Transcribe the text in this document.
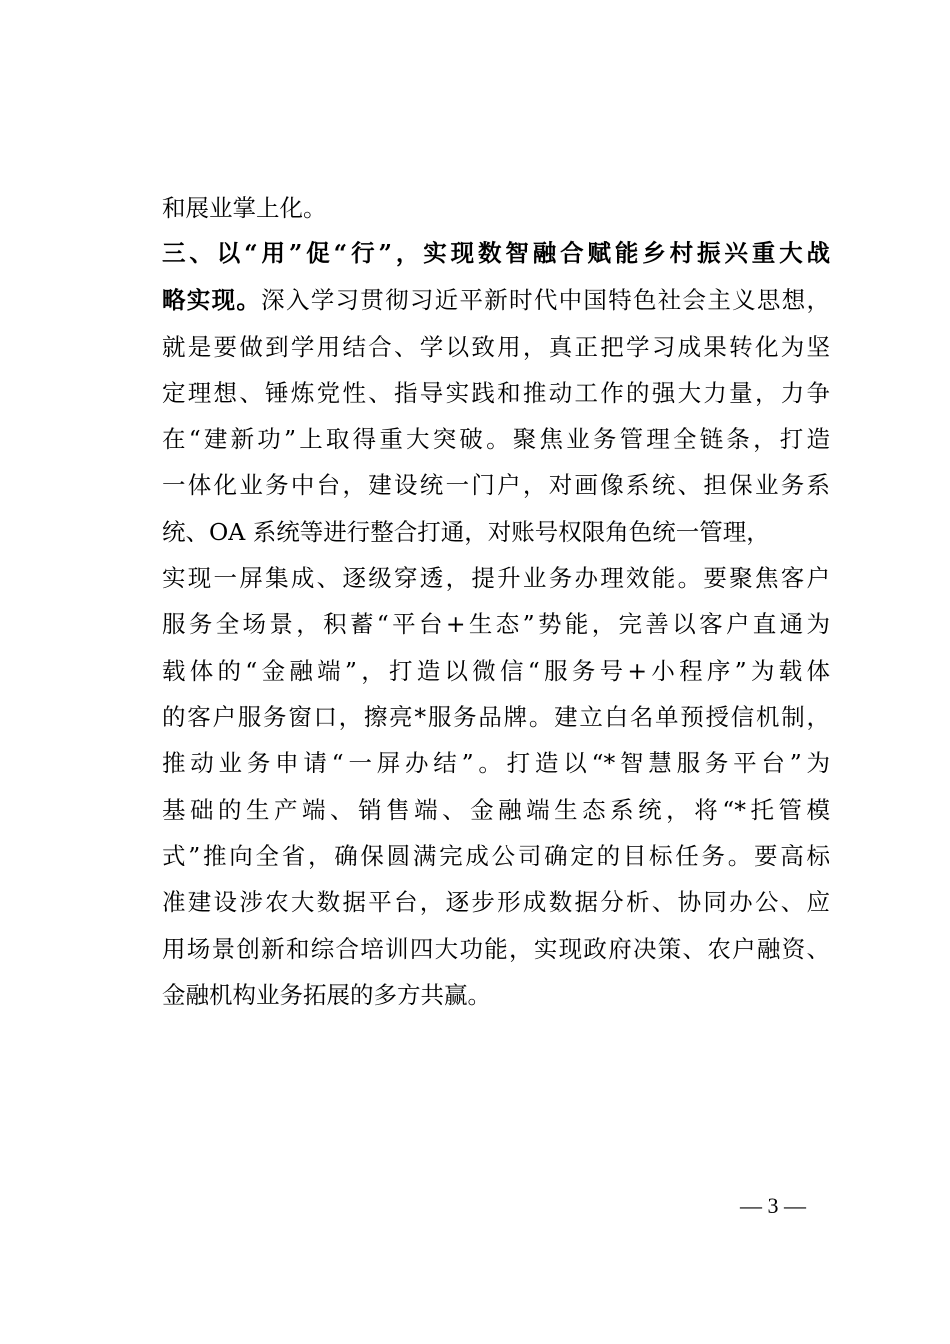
和展业掌上化。

三、以“用”促“行”，实现数智融合赋能乡村振兴重大战

略实现。深入学习贯彻习近平新时代中国特色社会主义思想，

就是要做到学用结合、学以致用，真正把学习成果转化为坚

定理想、锤炼党性、指导实践和推动工作的强大力量，力争

在“建新功”上取得重大突破。聚焦业务管理全链条，打造

一体化业务中台，建设统一门户，对画像系统、担保业务系

统、OA 系统等进行整合打通，对账号权限角色统一管理，

实现一屏集成、逐级穿透，提升业务办理效能。要聚焦客户

服务全场景，积蓄“平台+生态”势能，完善以客户直通为

载体的“金融端”，打造以微信“服务号+小程序”为载体

的客户服务窗口，擦亮*服务品牌。建立白名单预授信机制，

推动业务申请“一屏办结”。打造以“*智慧服务平台”为

基础的生产端、销售端、金融端生态系统，将“*托管模

式”推向全省，确保圆满完成公司确定的目标任务。要高标

准建设涉农大数据平台，逐步形成数据分析、协同办公、应

用场景创新和综合培训四大功能，实现政府决策、农户融资、

金融机构业务拓展的多方共赢。

— 3 —
